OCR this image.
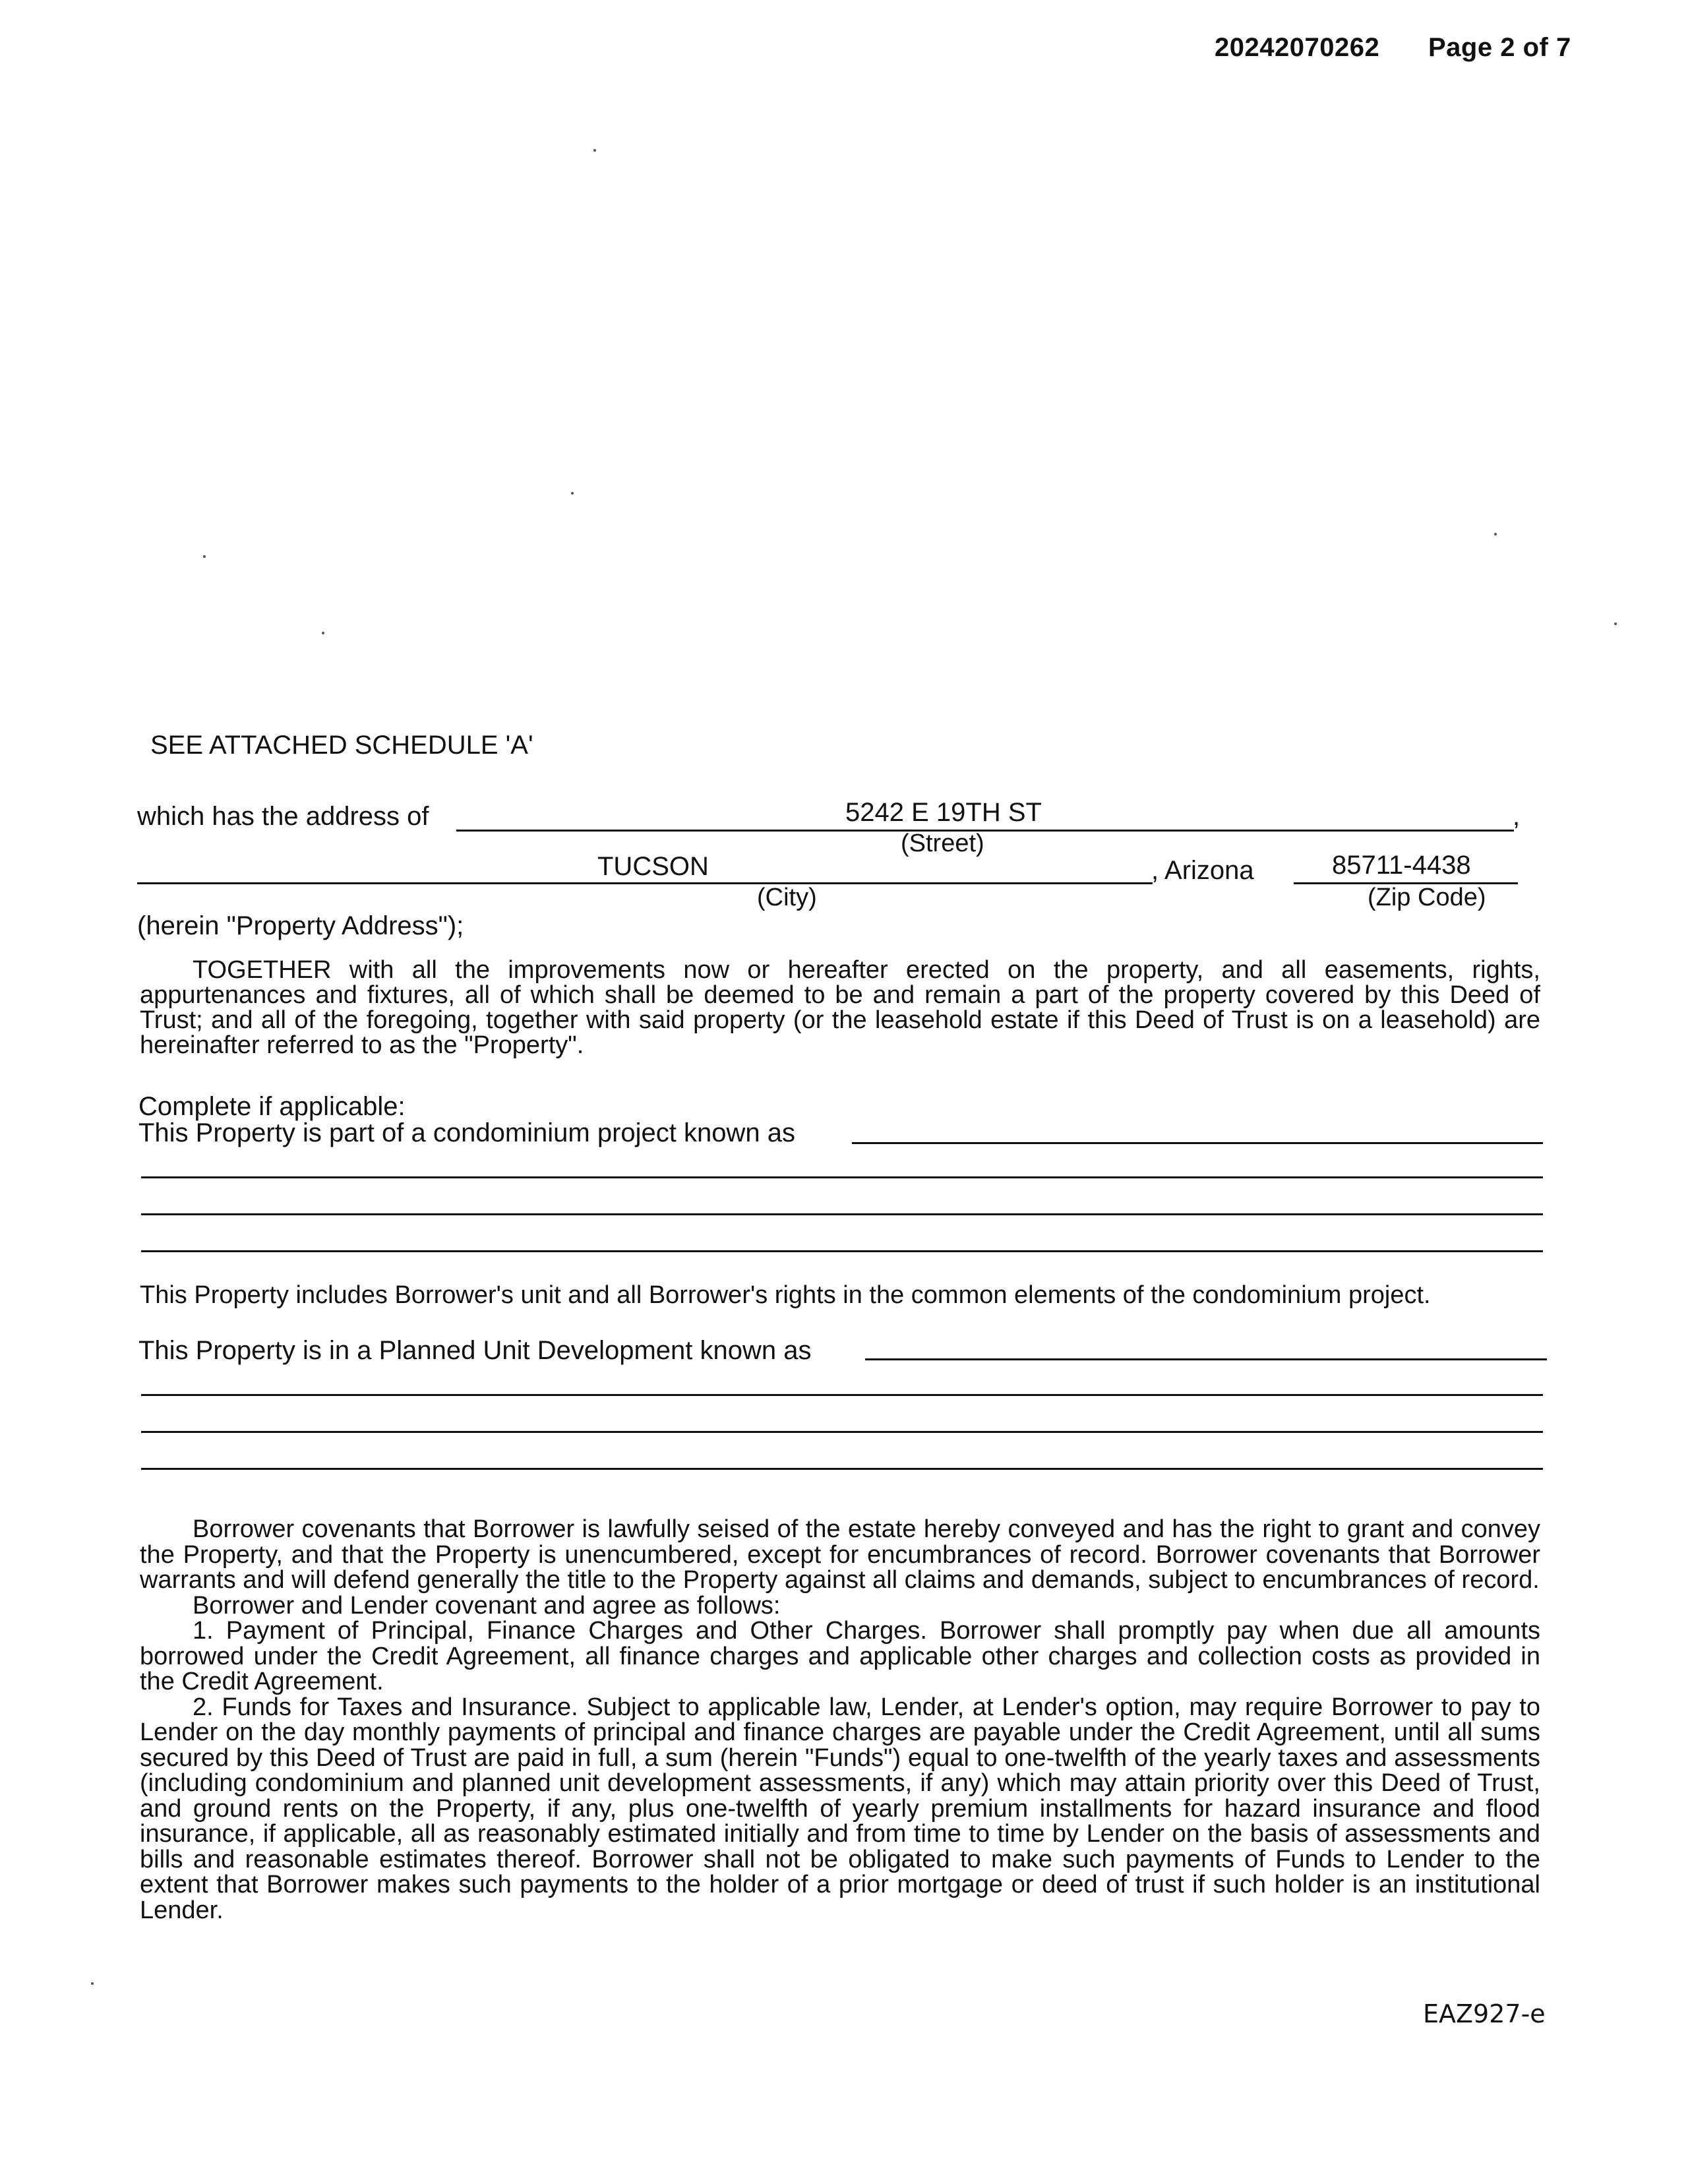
20242070262 Page 2 of 7
SEE ATTACHED SCHEDULE 'A'
which has the address of	5242 E 19TH ST	,
(Street)
TUCSON	, Arizona	85711-4438
(City)	(Zip Code)
(herein "Property Address");

TOGETHER with all the improvements now or hereafter erected on the property, and all easements, rights, appurtenances and fixtures, all of which shall be deemed to be and remain a part of the property covered by this Deed of Trust; and all of the foregoing, together with said property (or the leasehold estate if this Deed of Trust is on a leasehold) are hereinafter referred to as the "Property".

Complete if applicable:
This Property is part of a condominium project known as

This Property includes Borrower's unit and all Borrower's rights in the common elements of the condominium project.

This Property is in a Planned Unit Development known as

Borrower covenants that Borrower is lawfully seised of the estate hereby conveyed and has the right to grant and convey the Property, and that the Property is unencumbered, except for encumbrances of record. Borrower covenants that Borrower warrants and will defend generally the title to the Property against all claims and demands, subject to encumbrances of record.

Borrower and Lender covenant and agree as follows:

1. Payment of Principal, Finance Charges and Other Charges. Borrower shall promptly pay when due all amounts borrowed under the Credit Agreement, all finance charges and applicable other charges and collection costs as provided in the Credit Agreement.

2. Funds for Taxes and Insurance. Subject to applicable law, Lender, at Lender's option, may require Borrower to pay to Lender on the day monthly payments of principal and finance charges are payable under the Credit Agreement, until all sums secured by this Deed of Trust are paid in full, a sum (herein "Funds") equal to one-twelfth of the yearly taxes and assessments (including condominium and planned unit development assessments, if any) which may attain priority over this Deed of Trust, and ground rents on the Property, if any, plus one-twelfth of yearly premium installments for hazard insurance and flood insurance, if applicable, all as reasonably estimated initially and from time to time by Lender on the basis of assessments and bills and reasonable estimates thereof. Borrower shall not be obligated to make such payments of Funds to Lender to the extent that Borrower makes such payments to the holder of a prior mortgage or deed of trust if such holder is an institutional Lender.

EAZ927-e
